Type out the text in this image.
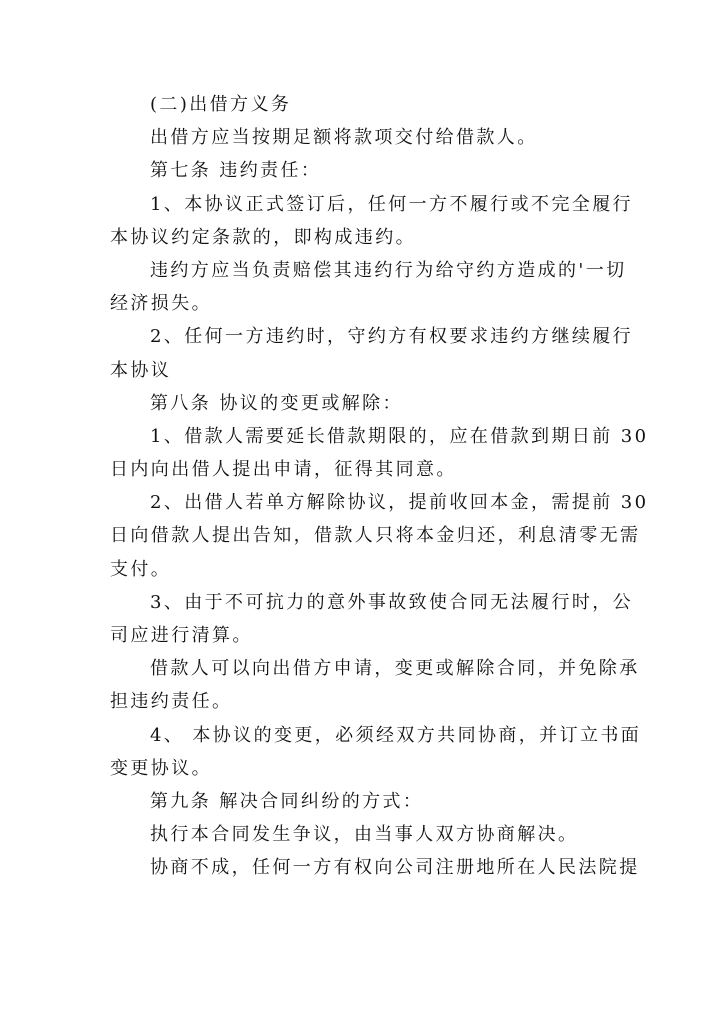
(二)出借方义务
出借方应当按期足额将款项交付给借款人。
第七条 违约责任：
1、本协议正式签订后，任何一方不履行或不完全履行
本协议约定条款的，即构成违约。
违约方应当负责赔偿其违约行为给守约方造成的'一切
经济损失。
2、任何一方违约时，守约方有权要求违约方继续履行
本协议
第八条 协议的变更或解除：
1、借款人需要延长借款期限的，应在借款到期日前 30
日内向出借人提出申请，征得其同意。
2、出借人若单方解除协议，提前收回本金，需提前 30
日向借款人提出告知，借款人只将本金归还，利息清零无需
支付。
3、由于不可抗力的意外事故致使合同无法履行时，公
司应进行清算。
借款人可以向出借方申请，变更或解除合同，并免除承
担违约责任。
4、 本协议的变更，必须经双方共同协商，并订立书面
变更协议。
第九条 解决合同纠纷的方式：
执行本合同发生争议，由当事人双方协商解决。
协商不成，任何一方有权向公司注册地所在人民法院提
